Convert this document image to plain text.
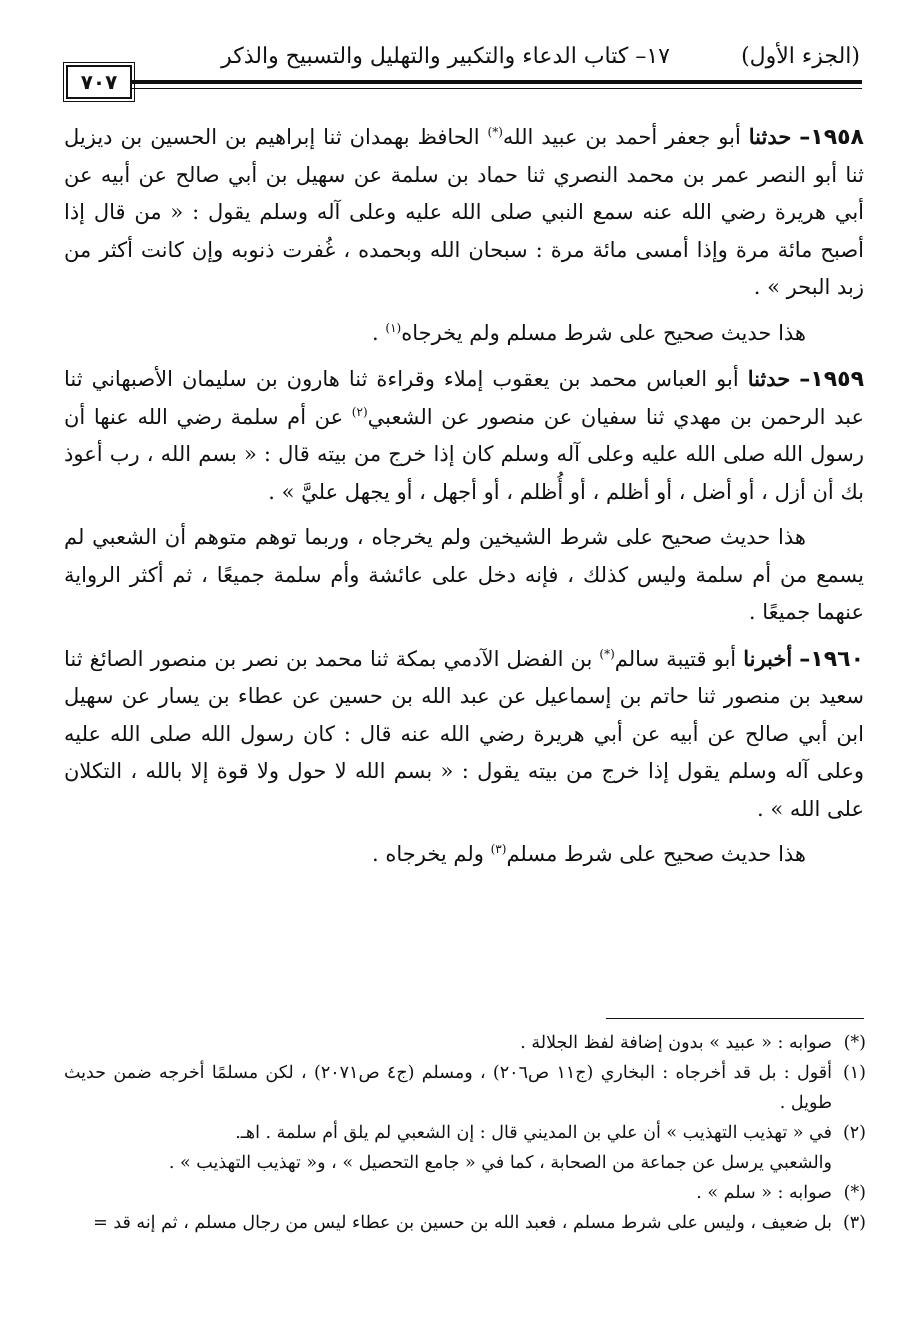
(الجزء الأول)
١٧– كتاب الدعاء والتكبير والتهليل والتسبيح والذكر
٧٠٧

١٩٥٨– حدثنا أبو جعفر أحمد بن عبيد الله(*) الحافظ بهمدان ثنا إبراهيم بن الحسين بن ديزيل ثنا أبو النصر عمر بن محمد النصري ثنا حماد بن سلمة عن سهيل بن أبي صالح عن أبيه عن أبي هريرة رضي الله عنه سمع النبي صلى الله عليه وعلى آله وسلم يقول : « من قال إذا أصبح مائة مرة وإذا أمسى مائة مرة : سبحان الله وبحمده ، غُفرت ذنوبه وإن كانت أكثر من زبد البحر » .

هذا حديث صحيح على شرط مسلم ولم يخرجاه$^{(١)}$ .

١٩٥٩– حدثنا أبو العباس محمد بن يعقوب إملاء وقراءة ثنا هارون بن سليمان الأصبهاني ثنا عبد الرحمن بن مهدي ثنا سفيان عن منصور عن الشعبي$^{(٢)}$ عن أم سلمة رضي الله عنها أن رسول الله صلى الله عليه وعلى آله وسلم كان إذا خرج من بيته قال : « بسم الله ، رب أعوذ بك أن أزل ، أو أضل ، أو أظلم ، أو أُظلم ، أو أجهل ، أو يجهل عليَّ » .

هذا حديث صحيح على شرط الشيخين ولم يخرجاه ، وربما توهم متوهم أن الشعبي لم يسمع من أم سلمة وليس كذلك ، فإنه دخل على عائشة وأم سلمة جميعًا ، ثم أكثر الرواية عنهما جميعًا .

١٩٦٠– أخبرنا أبو قتيبة سالم(*) بن الفضل الآدمي بمكة ثنا محمد بن نصر بن منصور الصائغ ثنا سعيد بن منصور ثنا حاتم بن إسماعيل عن عبد الله بن حسين عن عطاء بن يسار عن سهيل ابن أبي صالح عن أبيه عن أبي هريرة رضي الله عنه قال : كان رسول الله صلى الله عليه وعلى آله وسلم يقول إذا خرج من بيته يقول : « بسم الله لا حول ولا قوة إلا بالله ، التكلان على الله » .

هذا حديث صحيح على شرط مسلم$^{(٣)}$ ولم يخرجاه .

(*)
صوابه : « عبيد » بدون إضافة لفظ الجلالة .

(١)
أقول : بل قد أخرجاه : البخاري (ج١١ ص٢٠٦) ، ومسلم (ج٤ ص٢٠٧١) ، لكن مسلمًا أخرجه ضمن حديث طويل .

(٢)
في « تهذيب التهذيب » أن علي بن المديني قال : إن الشعبي لم يلق أم سلمة . اهـ.

والشعبي يرسل عن جماعة من الصحابة ، كما في « جامع التحصيل » ، و« تهذيب التهذيب » .

(*)
صوابه : « سلم » .

(٣)
بل ضعيف ، وليس على شرط مسلم ، فعبد الله بن حسين بن عطاء ليس من رجال مسلم ، ثم إنه قد =
